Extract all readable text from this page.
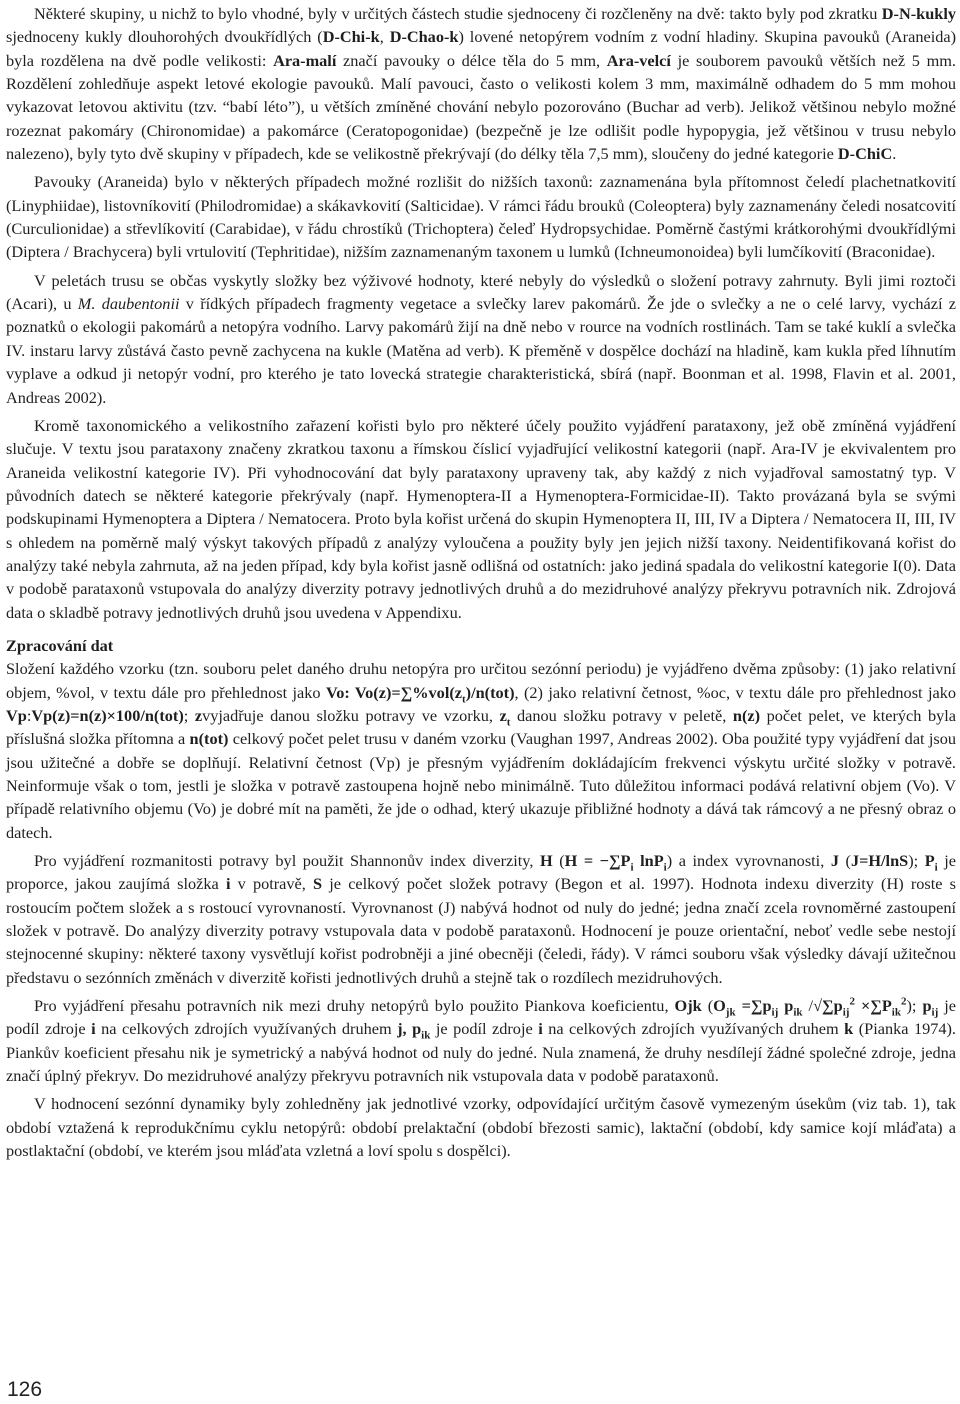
Některé skupiny, u nichž to bylo vhodné, byly v určitých částech studie sjednoceny či rozčleněny na dvě: takto byly pod zkratku D-N-kukly sjednoceny kukly dlouhorohých dvoukřídlých (D-Chi-k, D-Chao-k) lovené netopýrem vodním z vodní hladiny. Skupina pavouků (Araneida) byla rozdělena na dvě podle velikosti: Ara-malí značí pavouky o délce těla do 5 mm, Ara-velcí je souborem pavouků větších než 5 mm. Rozdělení zohledňuje aspekt letové ekologie pavouků. Malí pavouci, často o velikosti kolem 3 mm, maximálně odhadem do 5 mm mohou vykazovat letovou aktivitu (tzv. “babí léto”), u větších zmíněné chování nebylo pozorováno (Buchar ad verb). Jelikož většinou nebylo možné rozeznat pakomáry (Chironomidae) a pakomárce (Ceratopogonidae) (bezpečně je lze odlišit podle hypopygia, jež většinou v trusu nebylo nalezeno), byly tyto dvě skupiny v případech, kde se velikostně překrývají (do délky těla 7,5 mm), sloučeny do jedné kategorie D-ChiC.

Pavouky (Araneida) bylo v některých případech možné rozlišit do nižších taxonů: zaznamenána byla přítomnost čeledí plachetnatkovití (Linyphiidae), listovníkovití (Philodromidae) a skákavkovití (Salticidae). V rámci řádu brouků (Coleoptera) byly zaznamenány čeledi nosatcovití (Curculionidae) a střevlíkovití (Carabidae), v řádu chrostíků (Trichoptera) čeleď Hydropsychidae. Poměrně častými krátkorohými dvoukřídlými (Diptera / Brachycera) byli vrtulovití (Tephritidae), nižším zaznamenaným taxonem u lumků (Ichneumonoidea) byli lumčíkovití (Braconidae).

V peletách trusu se občas vyskytly složky bez výživové hodnoty, které nebyly do výsledků o složení potravy zahrnuty. Byli jimi roztoči (Acari), u M. daubentonii v řídkých případech fragmenty vegetace a svlečky larev pakomárů. Že jde o svlečky a ne o celé larvy, vychází z poznatků o ekologii pakomárů a netopýra vodního. Larvy pakomárů žijí na dně nebo v rource na vodních rostlinách. Tam se také kuklí a svlečka IV. instaru larvy zůstává často pevně zachycena na kukle (Matěna ad verb). K přeměně v dospělce dochází na hladině, kam kukla před líhnutím vyplave a odkud ji netopýr vodní, pro kterého je tato lovecká strategie charakteristická, sbírá (např. Boonman et al. 1998, Flavin et al. 2001, Andreas 2002).

Kromě taxonomického a velikostního zařazení kořisti bylo pro některé účely použito vyjádření parataxony, jež obě zmíněná vyjádření slučuje. V textu jsou parataxony značeny zkratkou taxonu a římskou číslicí vyjadřující velikostní kategorii (např. Ara-IV je ekvivalentem pro Araneida velikostní kategorie IV). Při vyhodnocování dat byly parataxony upraveny tak, aby každý z nich vyjadřoval samostatný typ. V původních datech se některé kategorie překrývaly (např. Hymenoptera-II a Hymenoptera-Formicidae-II). Takto provázaná byla se svými podskupinami Hymenoptera a Diptera / Nematocera. Proto byla kořist určená do skupin Hymenoptera II, III, IV a Diptera / Nematocera II, III, IV s ohledem na poměrně malý výskyt takových případů z analýzy vyloučena a použity byly jen jejich nižší taxony. Neidentifikovaná kořist do analýzy také nebyla zahrnuta, až na jeden případ, kdy byla kořist jasně odlišná od ostatních: jako jediná spadala do velikostní kategorie I(0). Data v podobě parataxonů vstupovala do analýzy diverzity potravy jednotlivých druhů a do mezidruhové analýzy překryvu potravních nik. Zdrojová data o skladbě potravy jednotlivých druhů jsou uvedena v Appendixu.

Zpracování dat

Složení každého vzorku (tzn. souboru pelet daného druhu netopýra pro určitou sezónní periodu) je vyjádřeno dvěma způsoby: (1) jako relativní objem, %vol, v textu dále pro přehlednost jako Vo: $Vo(z)=\sum\%vol(z_t)/n(tot)$, (2) jako relativní četnost, %oc, v textu dále pro přehlednost jako Vp:Vp(z)=n(z)×100/n(tot); zvyjadřuje danou složku potravy ve vzorku, $z_t$ danou složku potravy v peletě, n(z) počet pelet, ve kterých byla příslušná složka přítomna a n(tot) celkový počet pelet trusu v daném vzorku (Vaughan 1997, Andreas 2002). Oba použité typy vyjádření dat jsou jsou užitečné a dobře se doplňují. Relativní četnost (Vp) je přesným vyjádřením dokládajícím frekvenci výskytu určité složky v potravě. Neinformuje však o tom, jestli je složka v potravě zastoupena hojně nebo minimálně. Tuto důležitou informaci podává relativní objem (Vo). V případě relativního objemu (Vo) je dobré mít na paměti, že jde o odhad, který ukazuje přibližné hodnoty a dává tak rámcový a ne přesný obraz o datech.

Pro vyjádření rozmanitosti potravy byl použit Shannonův index diverzity, H ($H = -\sum P_i$ lnP$_i$) a index vyrovnanosti, J (J=H/lnS); $P_i$ je proporce, jakou zaujímá složka i v potravě, S je celkový počet složek potravy (Begon et al. 1997). Hodnota indexu diverzity (H) roste s rostoucím počtem složek a s rostoucí vyrovnaností. Vyrovnanost (J) nabývá hodnot od nuly do jedné; jedna značí zcela rovnoměrné zastoupení složek v potravě. Do analýzy diverzity potravy vstupovala data v podobě parataxonů. Hodnocení je pouze orientační, neboť vedle sebe nestojí stejnocenné skupiny: některé taxony vysvětlují kořist podrobněji a jiné obecněji (čeledi, řády). V rámci souboru však výsledky dávají užitečnou představu o sezónních změnách v diverzitě kořisti jednotlivých druhů a stejně tak o rozdílech mezidruhových.

Pro vyjádření přesahu potravních nik mezi druhy netopýrů bylo použito Piankova koeficientu, Ojk ($O_{jk} =\sum p_{ij}$ $p_{ik}$ $/√\sum p_{ij}^2 \times\sum P_{ik}^2$); $p_{ij}$ je podíl zdroje i na celkových zdrojích využívaných druhem j, $p_{ik}$ je podíl zdroje i na celkových zdrojích využívaných druhem k (Pianka 1974). Piankův koeficient přesahu nik je symetrický a nabývá hodnot od nuly do jedné. Nula znamená, že druhy nesdílejí žádné společné zdroje, jedna značí úplný překryv. Do mezidruhové analýzy překryvu potravních nik vstupovala data v podobě parataxonů.

V hodnocení sezónní dynamiky byly zohledněny jak jednotlivé vzorky, odpovídající určitým časově vymezeným úsekům (viz tab. 1), tak období vztažená k reprodukčnímu cyklu netopýrů: období prelaktační (období březosti samic), laktační (období, kdy samice kojí mláďata) a postlaktační (období, ve kterém jsou mláďata vzletná a loví spolu s dospělci).

126
